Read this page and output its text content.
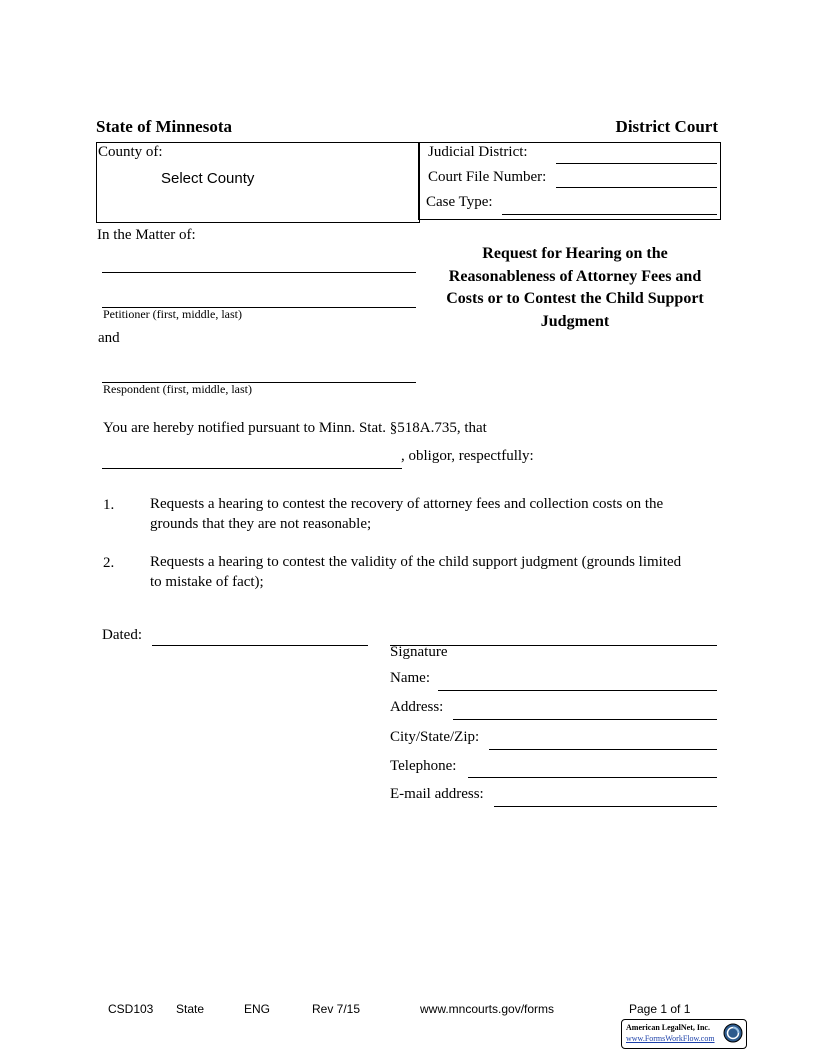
State of Minnesota	District Court
County of:
Select County
Judicial District:
Court File Number:
Case Type:
In the Matter of:
Petitioner (first, middle, last)
and
Respondent (first, middle, last)
Request for Hearing on the
Reasonableness of Attorney Fees and
Costs or to Contest the Child Support
Judgment
You are hereby notified pursuant to Minn. Stat. §518A.735, that
, obligor, respectfully:
1. Requests a hearing to contest the recovery of attorney fees and collection costs on the
grounds that they are not reasonable;
2. Requests a hearing to contest the validity of the child support judgment (grounds limited
to mistake of fact);
Dated:
Signature
Name:
Address:
City/State/Zip:
Telephone:
E-mail address:
CSD103 State	ENG	Rev 7/15	www.mncourts.gov/forms	Page 1 of 1
American LegalNet, Inc.
www.FormsWorkFlow.com
